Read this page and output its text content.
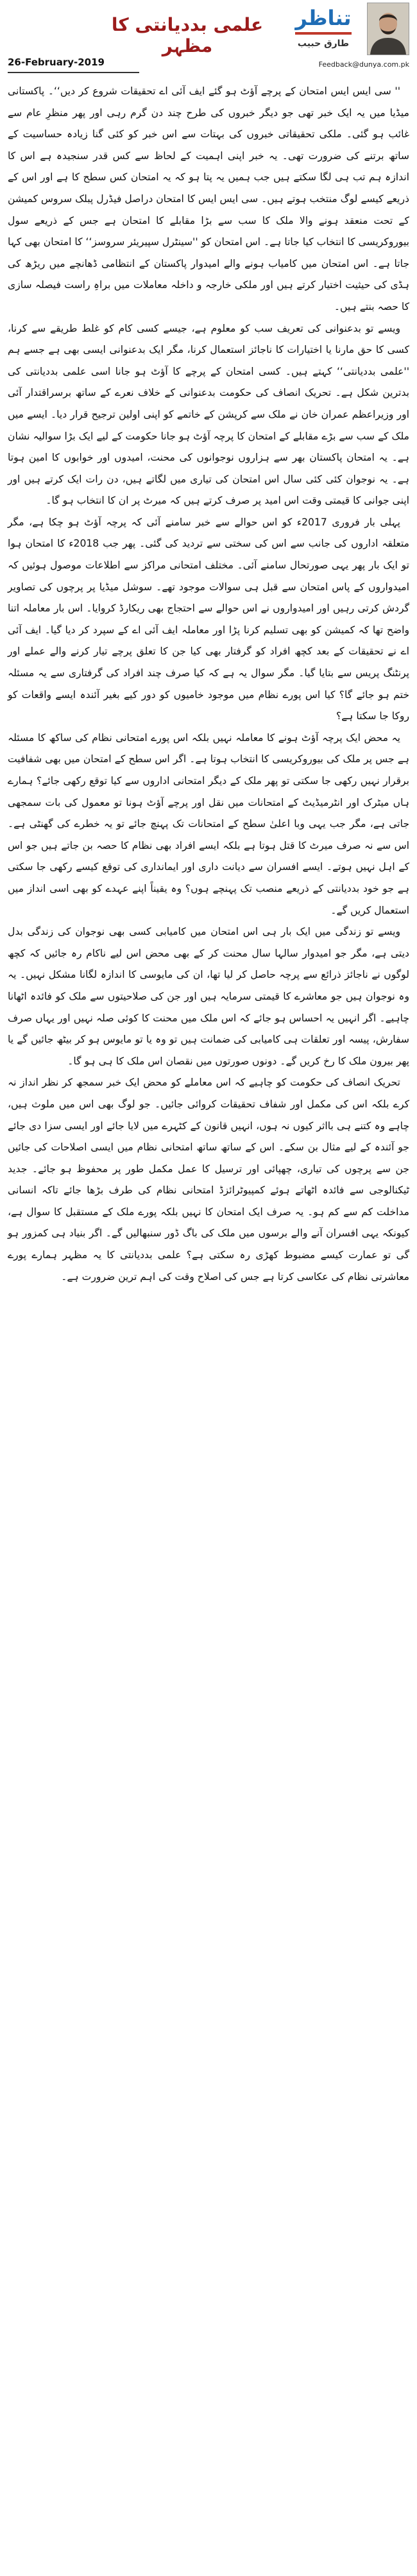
26-February-2019
علمی بددیانتی کا مظہر
تناظر
طارق حبیب
Feedback@dunya.com.pk

'' سی ایس ایس امتحان کے پرچے آؤٹ ہو گئے ایف آئی اے تحقیقات شروع کر دیں‘‘۔ پاکستانی میڈیا میں یہ ایک خبر تھی جو دیگر خبروں کی طرح چند دن گرم رہی اور پھر منظرِ عام سے غائب ہو گئی۔ ملکی تحقیقاتی خبروں کی بہتات سے اس خبر کو کئی گنا زیادہ حساسیت کے ساتھ برتنے کی ضرورت تھی۔ یہ خبر اپنی اہمیت کے لحاظ سے کس قدر سنجیدہ ہے اس کا اندازہ ہم تب ہی لگا سکتے ہیں جب ہمیں یہ پتا ہو کہ یہ امتحان کس سطح کا ہے اور اس کے ذریعے کیسے لوگ منتخب ہوتے ہیں۔ سی ایس ایس کا امتحان دراصل فیڈرل پبلک سروس کمیشن کے تحت منعقد ہونے والا ملک کا سب سے بڑا مقابلے کا امتحان ہے جس کے ذریعے سول بیوروکریسی کا انتخاب کیا جاتا ہے۔ اس امتحان کو ''سینٹرل سپیریئر سروسز‘‘ کا امتحان بھی کہا جاتا ہے۔ اس امتحان میں کامیاب ہونے والے امیدوار پاکستان کے انتظامی ڈھانچے میں ریڑھ کی ہڈی کی حیثیت اختیار کرتے ہیں اور ملکی خارجہ و داخلہ معاملات میں براہِ راست فیصلہ سازی کا حصہ بنتے ہیں۔

ویسے تو بدعنوانی کی تعریف سب کو معلوم ہے، جیسے کسی کام کو غلط طریقے سے کرنا، کسی کا حق مارنا یا اختیارات کا ناجائز استعمال کرنا، مگر ایک بدعنوانی ایسی بھی ہے جسے ہم ''علمی بددیانتی‘‘ کہتے ہیں۔ کسی امتحان کے پرچے کا آؤٹ ہو جانا اسی علمی بددیانتی کی بدترین شکل ہے۔ تحریک انصاف کی حکومت بدعنوانی کے خلاف نعرے کے ساتھ برسراقتدار آئی اور وزیراعظم عمران خان نے ملک سے کرپشن کے خاتمے کو اپنی اولین ترجیح قرار دیا۔ ایسے میں ملک کے سب سے بڑے مقابلے کے امتحان کا پرچہ آؤٹ ہو جانا حکومت کے لیے ایک بڑا سوالیہ نشان ہے۔ یہ امتحان پاکستان بھر سے ہزاروں نوجوانوں کی محنت، امیدوں اور خوابوں کا امین ہوتا ہے۔ یہ نوجوان کئی کئی سال اس امتحان کی تیاری میں لگاتے ہیں، دن رات ایک کرتے ہیں اور اپنی جوانی کا قیمتی وقت اس امید پر صرف کرتے ہیں کہ میرٹ پر ان کا انتخاب ہو گا۔

پہلی بار فروری 2017ء کو اس حوالے سے خبر سامنے آئی کہ پرچہ آؤٹ ہو چکا ہے، مگر متعلقہ اداروں کی جانب سے اس کی سختی سے تردید کی گئی۔ پھر جب 2018ء کا امتحان ہوا تو ایک بار پھر یہی صورتحال سامنے آئی۔ مختلف امتحانی مراکز سے اطلاعات موصول ہوئیں کہ امیدواروں کے پاس امتحان سے قبل ہی سوالات موجود تھے۔ سوشل میڈیا پر پرچوں کی تصاویر گردش کرتی رہیں اور امیدواروں نے اس حوالے سے احتجاج بھی ریکارڈ کروایا۔ اس بار معاملہ اتنا واضح تھا کہ کمیشن کو بھی تسلیم کرنا پڑا اور معاملہ ایف آئی اے کے سپرد کر دیا گیا۔ ایف آئی اے نے تحقیقات کے بعد کچھ افراد کو گرفتار بھی کیا جن کا تعلق پرچے تیار کرنے والے عملے اور پرنٹنگ پریس سے بتایا گیا۔ مگر سوال یہ ہے کہ کیا صرف چند افراد کی گرفتاری سے یہ مسئلہ ختم ہو جائے گا؟ کیا اس پورے نظام میں موجود خامیوں کو دور کیے بغیر آئندہ ایسے واقعات کو روکا جا سکتا ہے؟

یہ محض ایک پرچہ آؤٹ ہونے کا معاملہ نہیں بلکہ اس پورے امتحانی نظام کی ساکھ کا مسئلہ ہے جس پر ملک کی بیوروکریسی کا انتخاب ہوتا ہے۔ اگر اس سطح کے امتحان میں بھی شفافیت برقرار نہیں رکھی جا سکتی تو پھر ملک کے دیگر امتحانی اداروں سے کیا توقع رکھی جائے؟ ہمارے ہاں میٹرک اور انٹرمیڈیٹ کے امتحانات میں نقل اور پرچے آؤٹ ہونا تو معمول کی بات سمجھی جاتی ہے، مگر جب یہی وبا اعلیٰ سطح کے امتحانات تک پہنچ جائے تو یہ خطرے کی گھنٹی ہے۔ اس سے نہ صرف میرٹ کا قتل ہوتا ہے بلکہ ایسے افراد بھی نظام کا حصہ بن جاتے ہیں جو اس کے اہل نہیں ہوتے۔ ایسے افسران سے دیانت داری اور ایمانداری کی توقع کیسے رکھی جا سکتی ہے جو خود بددیانتی کے ذریعے منصب تک پہنچے ہوں؟ وہ یقیناً اپنے عہدے کو بھی اسی انداز میں استعمال کریں گے۔

ویسے تو زندگی میں ایک بار ہی اس امتحان میں کامیابی کسی بھی نوجوان کی زندگی بدل دیتی ہے، مگر جو امیدوار سالہا سال محنت کر کے بھی محض اس لیے ناکام رہ جائیں کہ کچھ لوگوں نے ناجائز ذرائع سے پرچہ حاصل کر لیا تھا، ان کی مایوسی کا اندازہ لگانا مشکل نہیں۔ یہ وہ نوجوان ہیں جو معاشرے کا قیمتی سرمایہ ہیں اور جن کی صلاحیتوں سے ملک کو فائدہ اٹھانا چاہیے۔ اگر انہیں یہ احساس ہو جائے کہ اس ملک میں محنت کا کوئی صلہ نہیں اور یہاں صرف سفارش، پیسہ اور تعلقات ہی کامیابی کی ضمانت ہیں تو وہ یا تو مایوس ہو کر بیٹھ جائیں گے یا پھر بیرون ملک کا رخ کریں گے۔ دونوں صورتوں میں نقصان اس ملک کا ہی ہو گا۔

تحریک انصاف کی حکومت کو چاہیے کہ اس معاملے کو محض ایک خبر سمجھ کر نظر انداز نہ کرے بلکہ اس کی مکمل اور شفاف تحقیقات کروائی جائیں۔ جو لوگ بھی اس میں ملوث ہیں، چاہے وہ کتنے ہی بااثر کیوں نہ ہوں، انہیں قانون کے کٹہرے میں لایا جائے اور ایسی سزا دی جائے جو آئندہ کے لیے مثال بن سکے۔ اس کے ساتھ ساتھ امتحانی نظام میں ایسی اصلاحات کی جائیں جن سے پرچوں کی تیاری، چھپائی اور ترسیل کا عمل مکمل طور پر محفوظ ہو جائے۔ جدید ٹیکنالوجی سے فائدہ اٹھاتے ہوئے کمپیوٹرائزڈ امتحانی نظام کی طرف بڑھا جائے تاکہ انسانی مداخلت کم سے کم ہو۔ یہ صرف ایک امتحان کا نہیں بلکہ پورے ملک کے مستقبل کا سوال ہے، کیونکہ یہی افسران آنے والے برسوں میں ملک کی باگ ڈور سنبھالیں گے۔ اگر بنیاد ہی کمزور ہو گی تو عمارت کیسے مضبوط کھڑی رہ سکتی ہے؟ علمی بددیانتی کا یہ مظہر ہمارے پورے معاشرتی نظام کی عکاسی کرتا ہے جس کی اصلاح وقت کی اہم ترین ضرورت ہے۔
